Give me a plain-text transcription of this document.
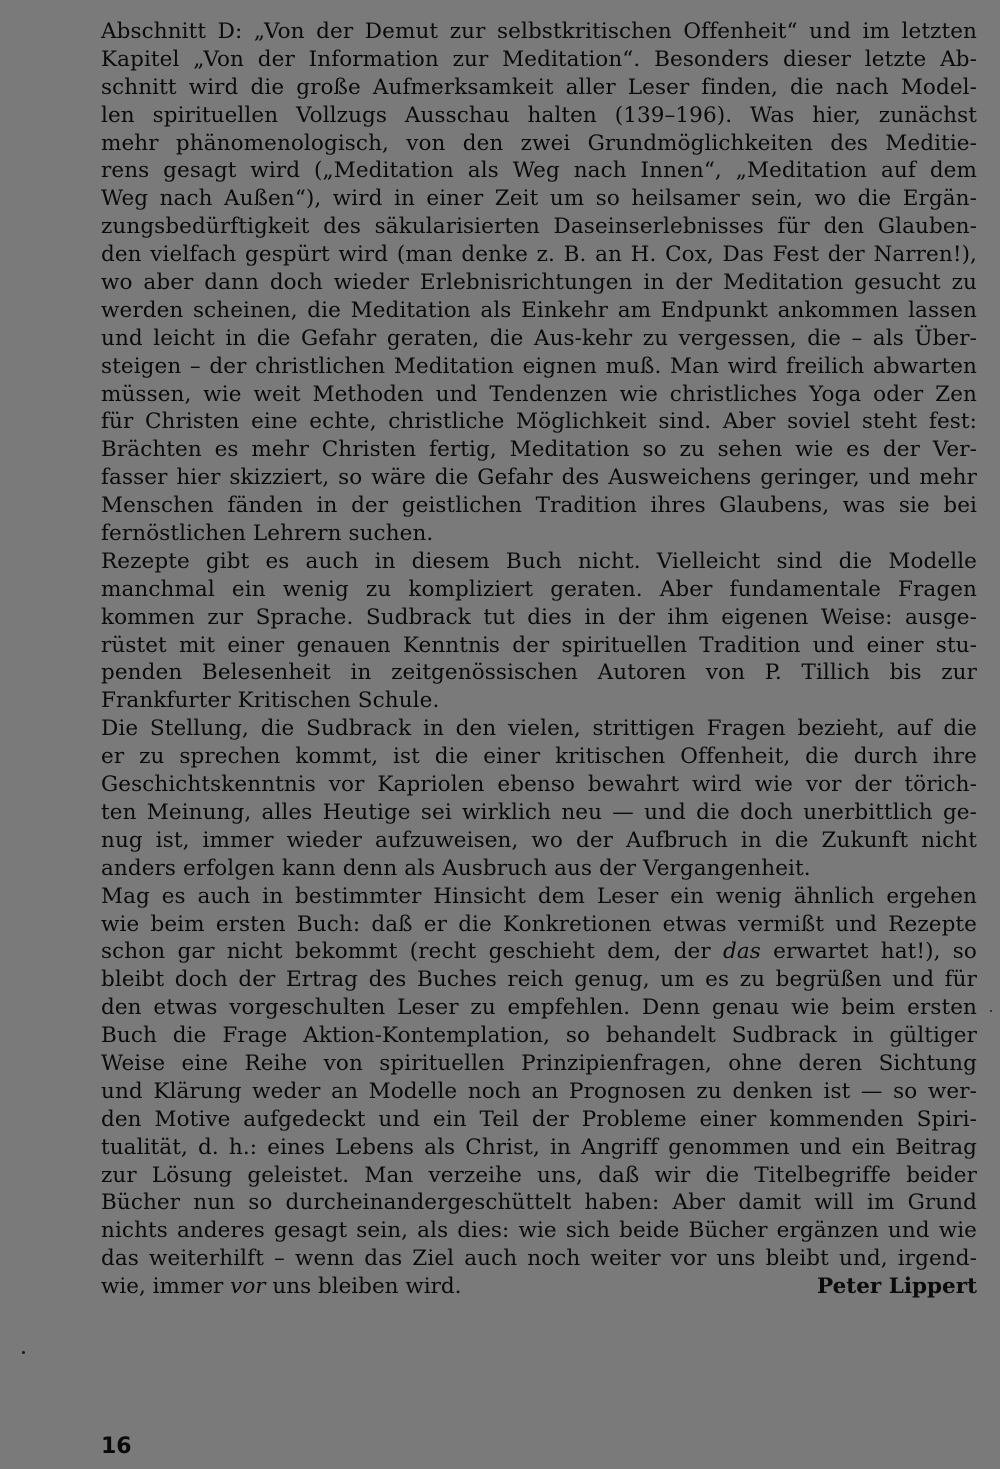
Abschnitt D: „Von der Demut zur selbstkritischen Offenheit“ und im letzten
Kapitel „Von der Information zur Meditation“. Besonders dieser letzte Ab-
schnitt wird die große Aufmerksamkeit aller Leser finden, die nach Model-
len spirituellen Vollzugs Ausschau halten (139–196). Was hier, zunächst
mehr phänomenologisch, von den zwei Grundmöglichkeiten des Meditie-
rens gesagt wird („Meditation als Weg nach Innen“, „Meditation auf dem
Weg nach Außen“), wird in einer Zeit um so heilsamer sein, wo die Ergän-
zungsbedürftigkeit des säkularisierten Daseinserlebnisses für den Glauben-
den vielfach gespürt wird (man denke z. B. an H. Cox, Das Fest der Narren!),
wo aber dann doch wieder Erlebnisrichtungen in der Meditation gesucht zu
werden scheinen, die Meditation als Einkehr am Endpunkt ankommen lassen
und leicht in die Gefahr geraten, die Aus-kehr zu vergessen, die – als Über-
steigen – der christlichen Meditation eignen muß. Man wird freilich abwarten
müssen, wie weit Methoden und Tendenzen wie christliches Yoga oder Zen
für Christen eine echte, christliche Möglichkeit sind. Aber soviel steht fest:
Brächten es mehr Christen fertig, Meditation so zu sehen wie es der Ver-
fasser hier skizziert, so wäre die Gefahr des Ausweichens geringer, und mehr
Menschen fänden in der geistlichen Tradition ihres Glaubens, was sie bei
fernöstlichen Lehrern suchen.
Rezepte gibt es auch in diesem Buch nicht. Vielleicht sind die Modelle
manchmal ein wenig zu kompliziert geraten. Aber fundamentale Fragen
kommen zur Sprache. Sudbrack tut dies in der ihm eigenen Weise: ausge-
rüstet mit einer genauen Kenntnis der spirituellen Tradition und einer stu-
penden Belesenheit in zeitgenössischen Autoren von P. Tillich bis zur
Frankfurter Kritischen Schule.
Die Stellung, die Sudbrack in den vielen, strittigen Fragen bezieht, auf die
er zu sprechen kommt, ist die einer kritischen Offenheit, die durch ihre
Geschichtskenntnis vor Kapriolen ebenso bewahrt wird wie vor der törich-
ten Meinung, alles Heutige sei wirklich neu — und die doch unerbittlich ge-
nug ist, immer wieder aufzuweisen, wo der Aufbruch in die Zukunft nicht
anders erfolgen kann denn als Ausbruch aus der Vergangenheit.
Mag es auch in bestimmter Hinsicht dem Leser ein wenig ähnlich ergehen
wie beim ersten Buch: daß er die Konkretionen etwas vermißt und Rezepte
schon gar nicht bekommt (recht geschieht dem, der das erwartet hat!), so
bleibt doch der Ertrag des Buches reich genug, um es zu begrüßen und für
den etwas vorgeschulten Leser zu empfehlen. Denn genau wie beim ersten
Buch die Frage Aktion-Kontemplation, so behandelt Sudbrack in gültiger
Weise eine Reihe von spirituellen Prinzipienfragen, ohne deren Sichtung
und Klärung weder an Modelle noch an Prognosen zu denken ist — so wer-
den Motive aufgedeckt und ein Teil der Probleme einer kommenden Spiri-
tualität, d. h.: eines Lebens als Christ, in Angriff genommen und ein Beitrag
zur Lösung geleistet. Man verzeihe uns, daß wir die Titelbegriffe beider
Bücher nun so durcheinandergeschüttelt haben: Aber damit will im Grund
nichts anderes gesagt sein, als dies: wie sich beide Bücher ergänzen und wie
das weiterhilft – wenn das Ziel auch noch weiter vor uns bleibt und, irgend-
wie, immer vor uns bleiben wird.	Peter Lippert
16
